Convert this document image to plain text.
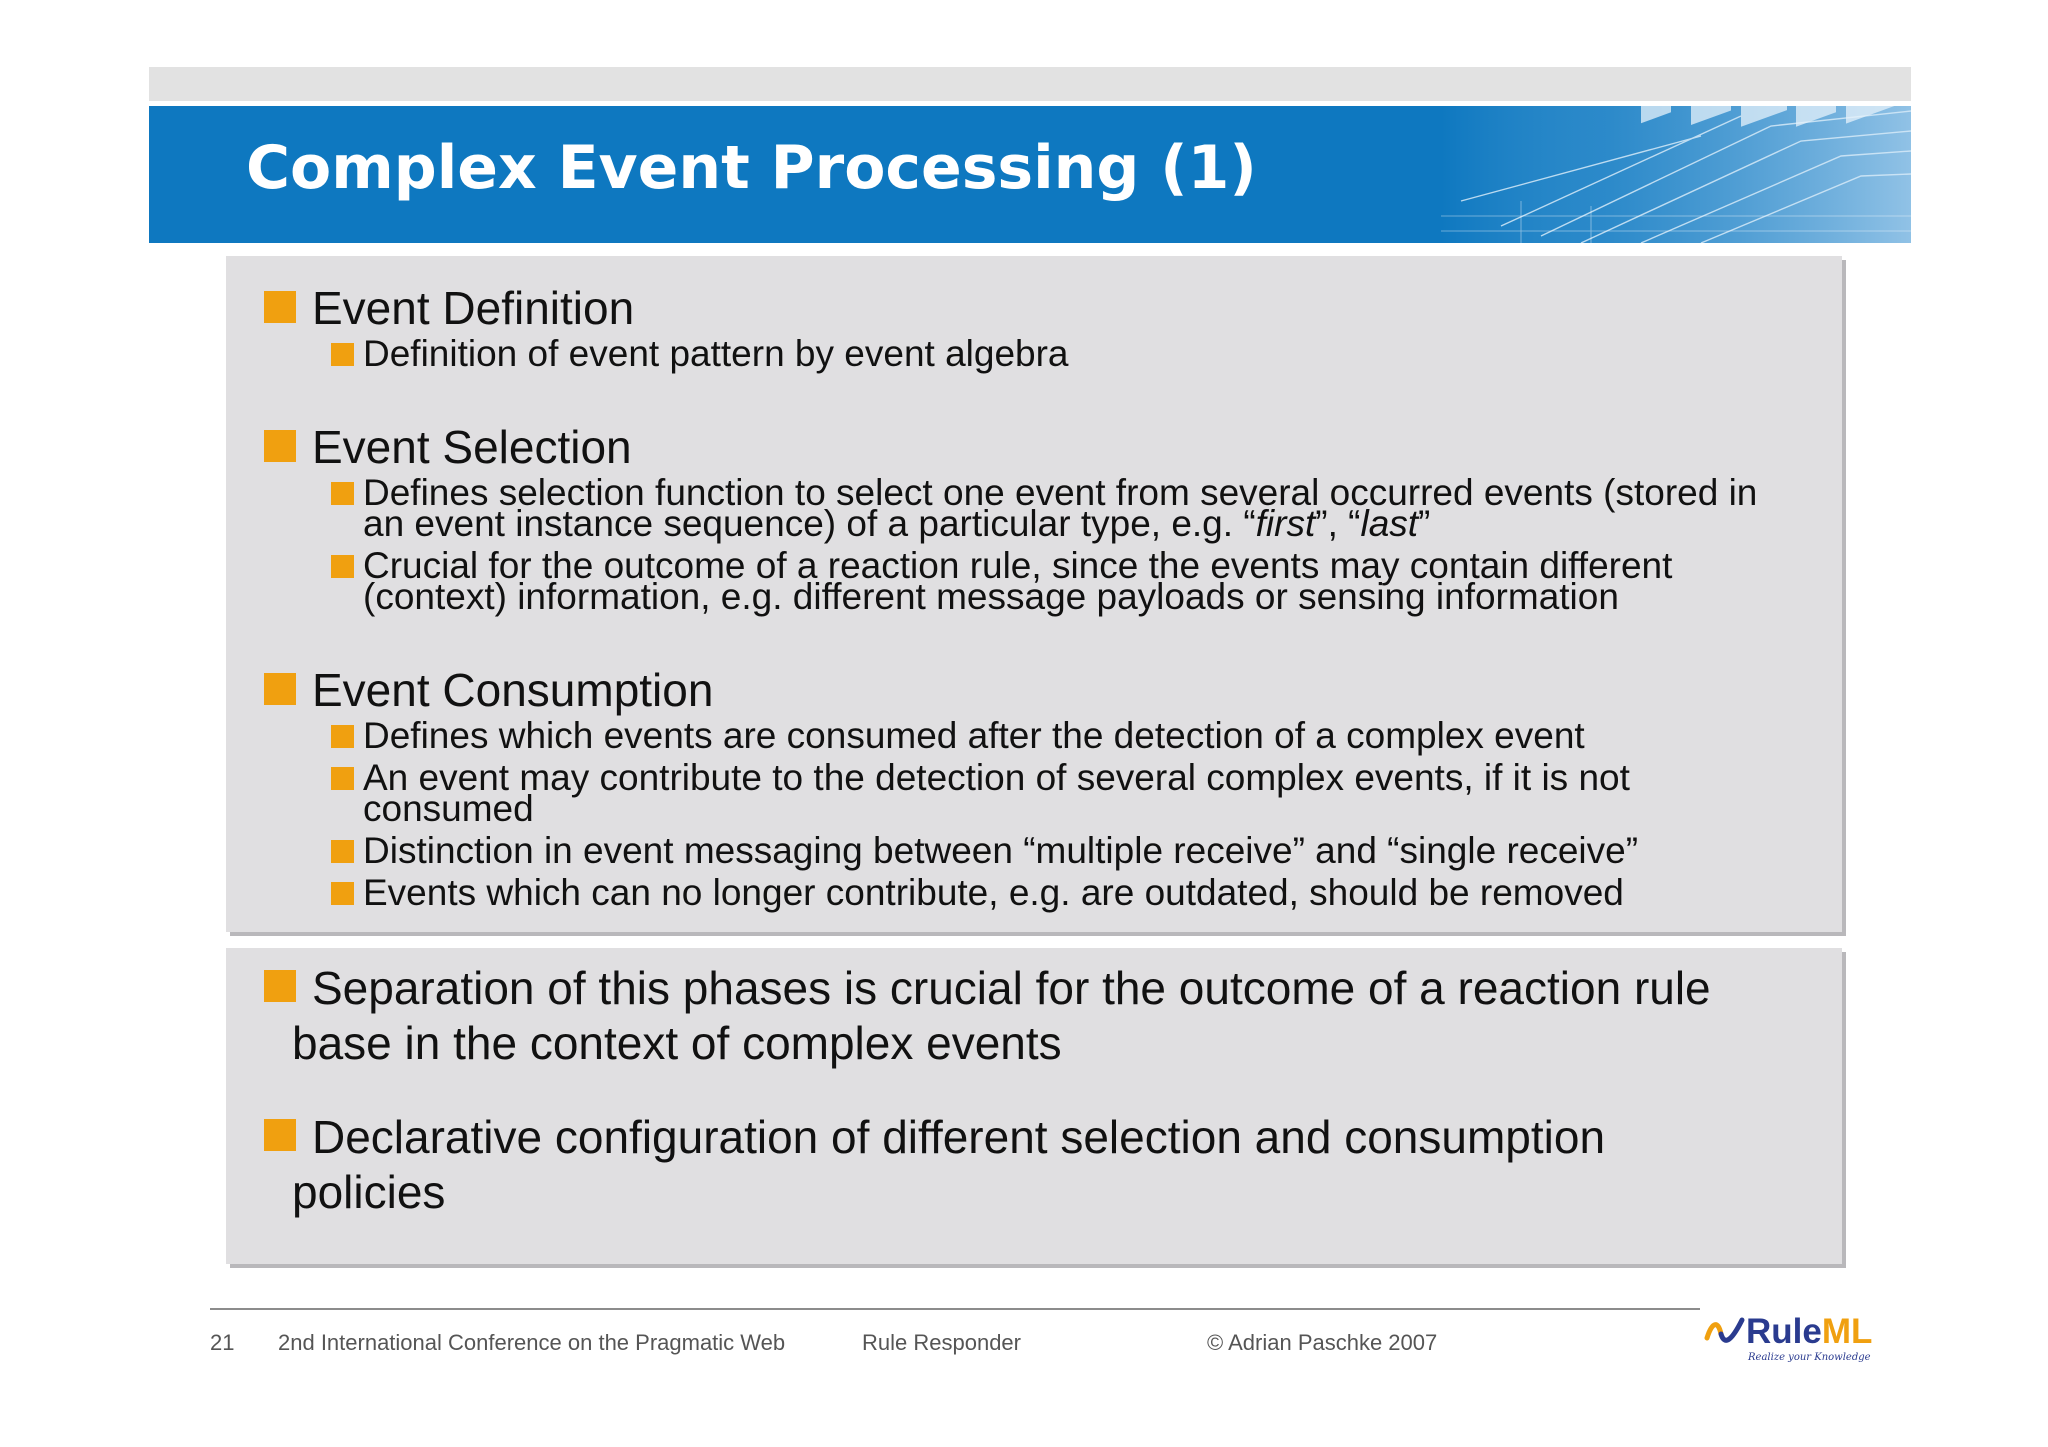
Complex Event Processing (1)
Event Definition
Definition of event pattern by event algebra
Event Selection
Defines selection function to select one event from several occurred events (stored in
an event instance sequence) of a particular type, e.g. “first”, “last”
Crucial for the outcome of a reaction rule, since the events may contain different
(context) information, e.g. different message payloads or sensing information
Event Consumption
Defines which events are consumed after the detection of a complex event
An event may contribute to the detection of several complex events, if it is not
consumed
Distinction in event messaging between “multiple receive” and “single receive”
Events which can no longer contribute, e.g. are outdated, should be removed
Separation of this phases is crucial for the outcome of a reaction rule
base in the context of complex events
Declarative configuration of different selection and consumption
policies
21 2nd International Conference on the Pragmatic Web	Rule Responder	© Adrian Paschke 2007	RuleML
Realize your Knowledge
